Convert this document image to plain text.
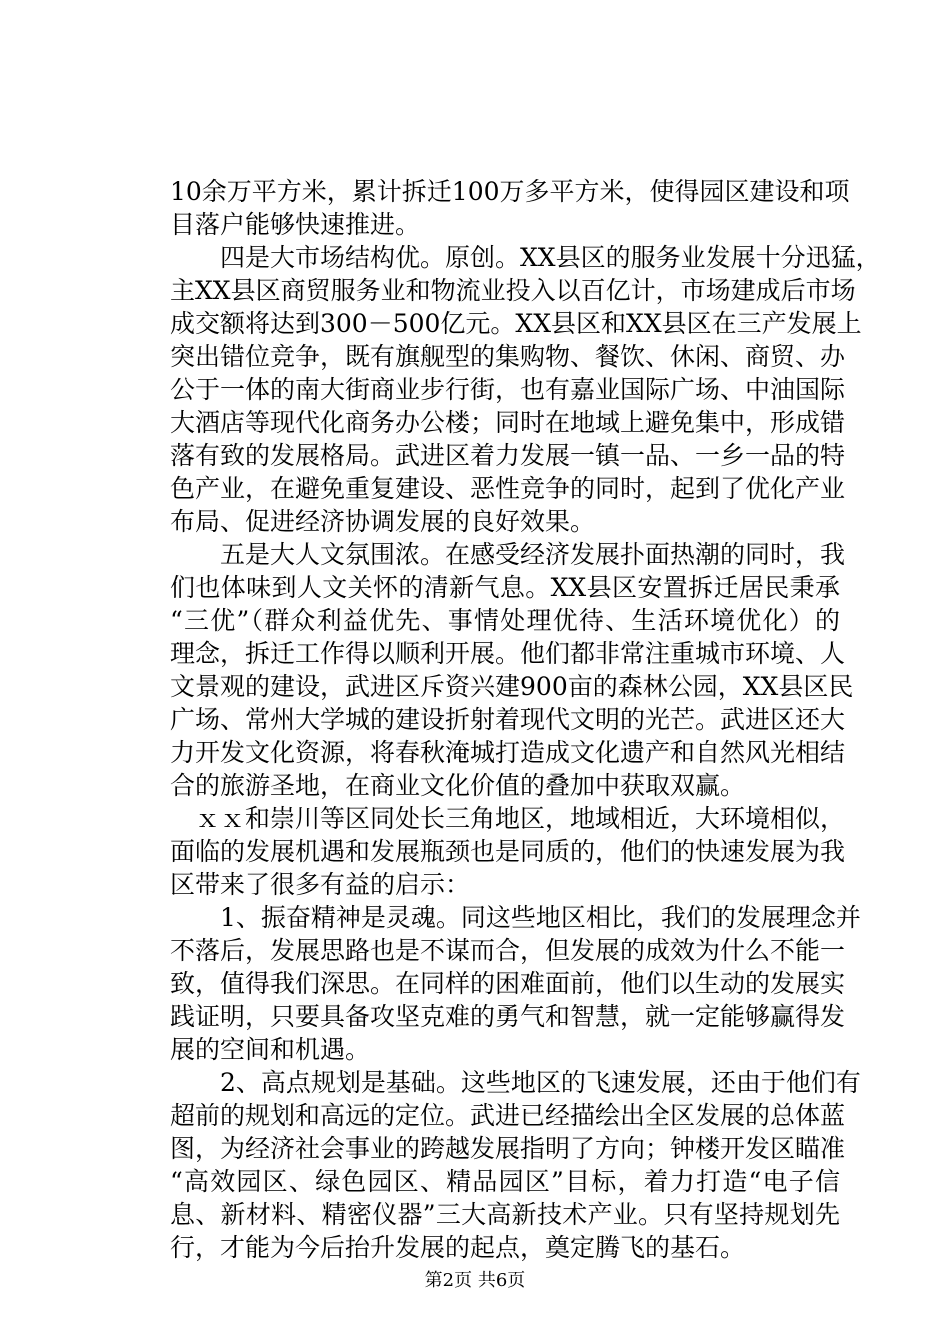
10余万平方米，累计拆迁100万多平方米，使得园区建设和项
目落户能够快速推进。
　　四是大市场结构优。原创。XX县区的服务业发展十分迅猛，
主XX县区商贸服务业和物流业投入以百亿计，市场建成后市场
成交额将达到300－500亿元。XX县区和XX县区在三产发展上
突出错位竞争，既有旗舰型的集购物、餐饮、休闲、商贸、办
公于一体的南大街商业步行街，也有嘉业国际广场、中油国际
大酒店等现代化商务办公楼；同时在地域上避免集中，形成错
落有致的发展格局。武进区着力发展一镇一品、一乡一品的特
色产业，在避免重复建设、恶性竞争的同时，起到了优化产业
布局、促进经济协调发展的良好效果。
　　五是大人文氛围浓。在感受经济发展扑面热潮的同时，我
们也体味到人文关怀的清新气息。XX县区安置拆迁居民秉承
“三优”（群众利益优先、事情处理优待、生活环境优化）的
理念，拆迁工作得以顺利开展。他们都非常注重城市环境、人
文景观的建设，武进区斥资兴建900亩的森林公园，XX县区民
广场、常州大学城的建设折射着现代文明的光芒。武进区还大
力开发文化资源，将春秋淹城打造成文化遗产和自然风光相结
合的旅游圣地，在商业文化价值的叠加中获取双赢。
　ｘｘ和崇川等区同处长三角地区，地域相近，大环境相似，
面临的发展机遇和发展瓶颈也是同质的，他们的快速发展为我
区带来了很多有益的启示：
　　1、振奋精神是灵魂。同这些地区相比，我们的发展理念并
不落后，发展思路也是不谋而合，但发展的成效为什么不能一
致，值得我们深思。在同样的困难面前，他们以生动的发展实
践证明，只要具备攻坚克难的勇气和智慧，就一定能够赢得发
展的空间和机遇。
　　2、高点规划是基础。这些地区的飞速发展，还由于他们有
超前的规划和高远的定位。武进已经描绘出全区发展的总体蓝
图，为经济社会事业的跨越发展指明了方向；钟楼开发区瞄准
“高效园区、绿色园区、精品园区”目标，着力打造“电子信
息、新材料、精密仪器”三大高新技术产业。只有坚持规划先
行，才能为今后抬升发展的起点，奠定腾飞的基石。
第2页 共6页
